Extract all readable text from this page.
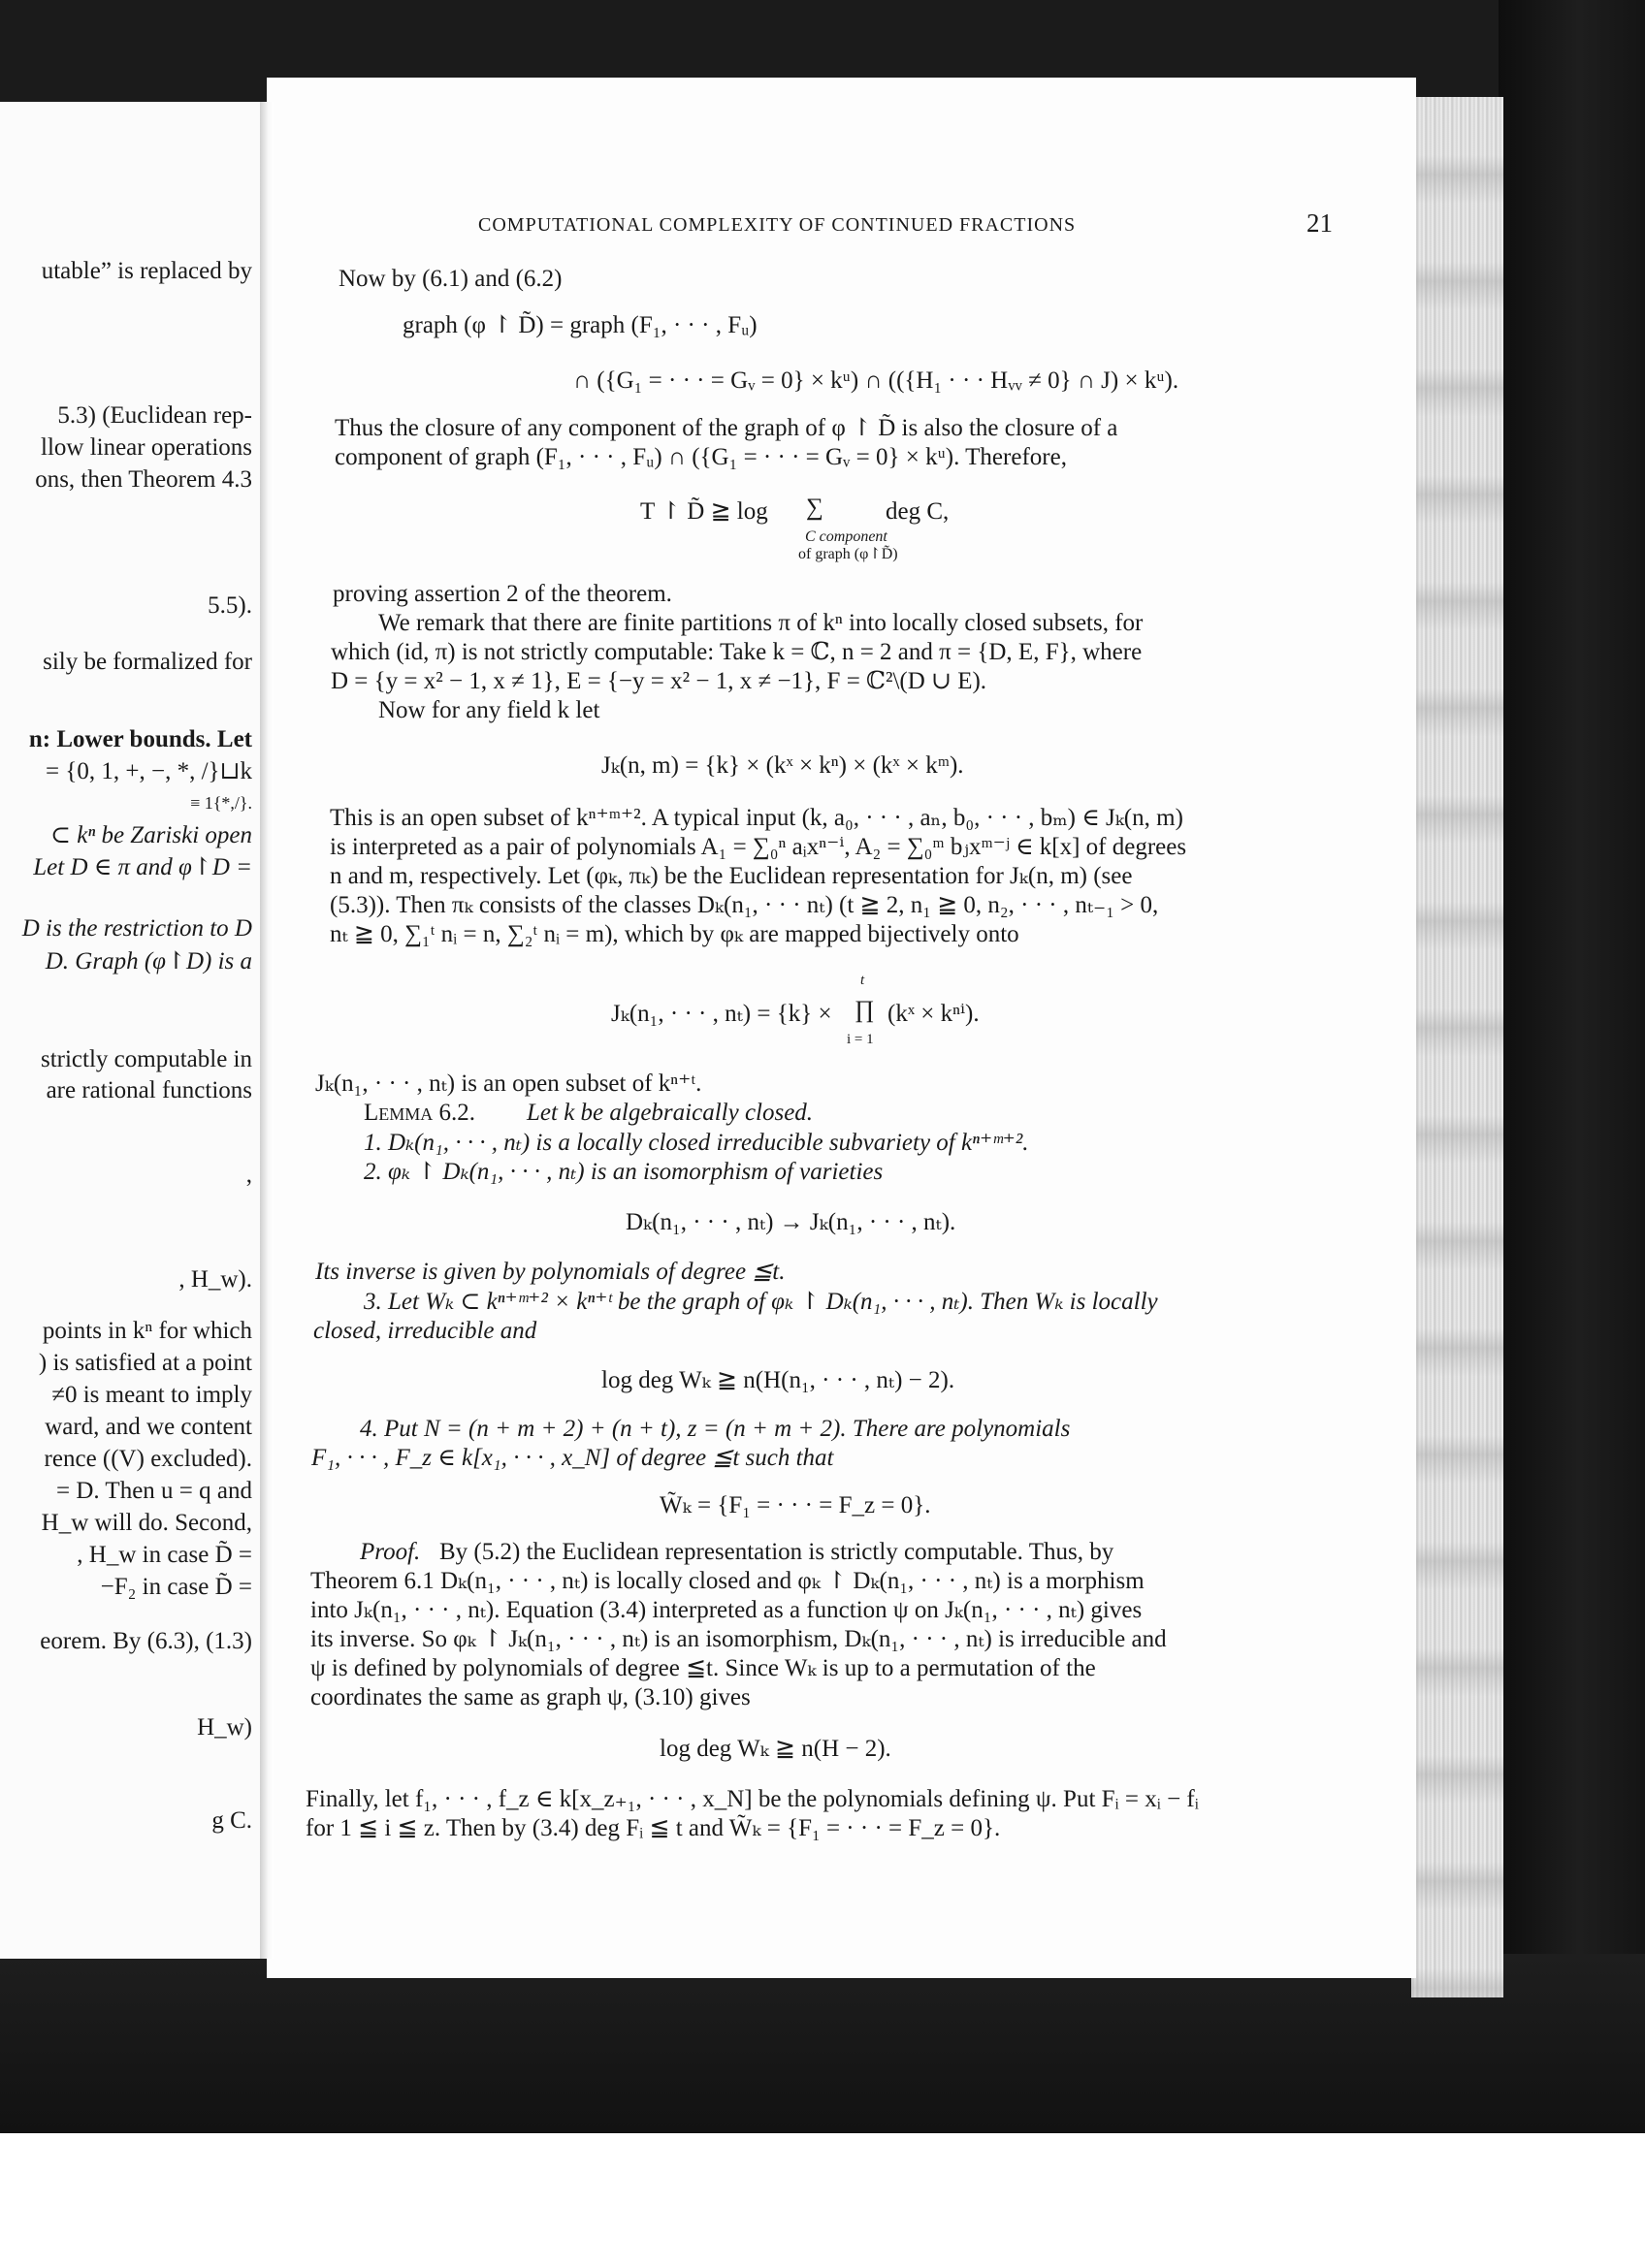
utable” is replaced by
5.3) (Euclidean rep-
llow linear operations
ons, then Theorem 4.3
5.5).
sily be formalized for
n: Lower bounds. Let
= {0, 1, +, −, *, /}⊔k
≡ 1{*,/}.
⊂ kⁿ be Zariski open
Let D ∈ π and φ↾D =
D is the restriction to D
D. Graph (φ↾D) is a
strictly computable in
are rational functions
,
, H_w).
points in kⁿ for which
) is satisfied at a point
≠0 is meant to imply
ward, and we content
rence ((V) excluded).
= D. Then u = q and
H_w will do. Second,
, H_w in case D̃ =
−F₂ in case D̃ =
eorem. By (6.3), (1.3)
H_w)
g C.
COMPUTATIONAL COMPLEXITY OF CONTINUED FRACTIONS	21
Now by (6.1) and (6.2)
graph (φ ↾ D̃) = graph (F₁, · · · , Fᵤ)
∩ ({G₁ = · · · = Gᵥ = 0} × kᵘ) ∩ (({H₁ · · · Hᵥᵥ ≠ 0} ∩ J) × kᵘ).
Thus the closure of any component of the graph of φ ↾ D̃ is also the closure of a
component of graph (F₁, · · · , Fᵤ) ∩ ({G₁ = · · · = Gᵥ = 0} × kᵘ). Therefore,
T ↾ D̃ ≧ log ∑	deg C,
C component
of graph (φ↾D̃)
proving assertion 2 of the theorem.
We remark that there are finite partitions π of kⁿ into locally closed subsets, for
which (id, π) is not strictly computable: Take k = ℂ, n = 2 and π = {D, E, F}, where
D = {y = x² − 1, x ≠ 1}, E = {−y = x² − 1, x ≠ −1}, F = ℂ²\(D ∪ E).
Now for any field k let
Jₖ(n, m) = {k} × (kˣ × kⁿ) × (kˣ × kᵐ).
This is an open subset of kⁿ⁺ᵐ⁺². A typical input (k, a₀, · · · , aₙ, b₀, · · · , bₘ) ∈ Jₖ(n, m)
is interpreted as a pair of polynomials A₁ = ∑₀ⁿ aᵢxⁿ⁻ⁱ, A₂ = ∑₀ᵐ bⱼxᵐ⁻ʲ ∈ k[x] of degrees
n and m, respectively. Let (φₖ, πₖ) be the Euclidean representation for Jₖ(n, m) (see
(5.3)). Then πₖ consists of the classes Dₖ(n₁, · · · nₜ) (t ≧ 2, n₁ ≧ 0, n₂, · · · , nₜ₋₁ > 0,
nₜ ≧ 0, ∑₁ᵗ nᵢ = n, ∑₂ᵗ nᵢ = m), which by φₖ are mapped bijectively onto
Jₖ(n₁, · · · , nₜ) = {k} × ∏ (kˣ × kⁿⁱ).
t
i = 1
Jₖ(n₁, · · · , nₜ) is an open subset of kⁿ⁺ᵗ.
Lemma 6.2. Let k be algebraically closed.
1. Dₖ(n₁, · · · , nₜ) is a locally closed irreducible subvariety of kⁿ⁺ᵐ⁺².
2. φₖ ↾ Dₖ(n₁, · · · , nₜ) is an isomorphism of varieties
Dₖ(n₁, · · · , nₜ) → Jₖ(n₁, · · · , nₜ).
Its inverse is given by polynomials of degree ≦t.
3. Let Wₖ ⊂ kⁿ⁺ᵐ⁺² × kⁿ⁺ᵗ be the graph of φₖ ↾ Dₖ(n₁, · · · , nₜ). Then Wₖ is locally
closed, irreducible and
log deg Wₖ ≧ n(H(n₁, · · · , nₜ) − 2).
4. Put N = (n + m + 2) + (n + t), z = (n + m + 2). There are polynomials
F₁, · · · , F_z ∈ k[x₁, · · · , x_N] of degree ≦t such that
W̃ₖ = {F₁ = · · · = F_z = 0}.
Proof. By (5.2) the Euclidean representation is strictly computable. Thus, by
Theorem 6.1 Dₖ(n₁, · · · , nₜ) is locally closed and φₖ ↾ Dₖ(n₁, · · · , nₜ) is a morphism
into Jₖ(n₁, · · · , nₜ). Equation (3.4) interpreted as a function ψ on Jₖ(n₁, · · · , nₜ) gives
its inverse. So φₖ ↾ Jₖ(n₁, · · · , nₜ) is an isomorphism, Dₖ(n₁, · · · , nₜ) is irreducible and
ψ is defined by polynomials of degree ≦t. Since Wₖ is up to a permutation of the
coordinates the same as graph ψ, (3.10) gives
log deg Wₖ ≧ n(H − 2).
Finally, let f₁, · · · , f_z ∈ k[x_z₊₁, · · · , x_N] be the polynomials defining ψ. Put Fᵢ = xᵢ − fᵢ
for 1 ≦ i ≦ z. Then by (3.4) deg Fᵢ ≦ t and W̃ₖ = {F₁ = · · · = F_z = 0}.
